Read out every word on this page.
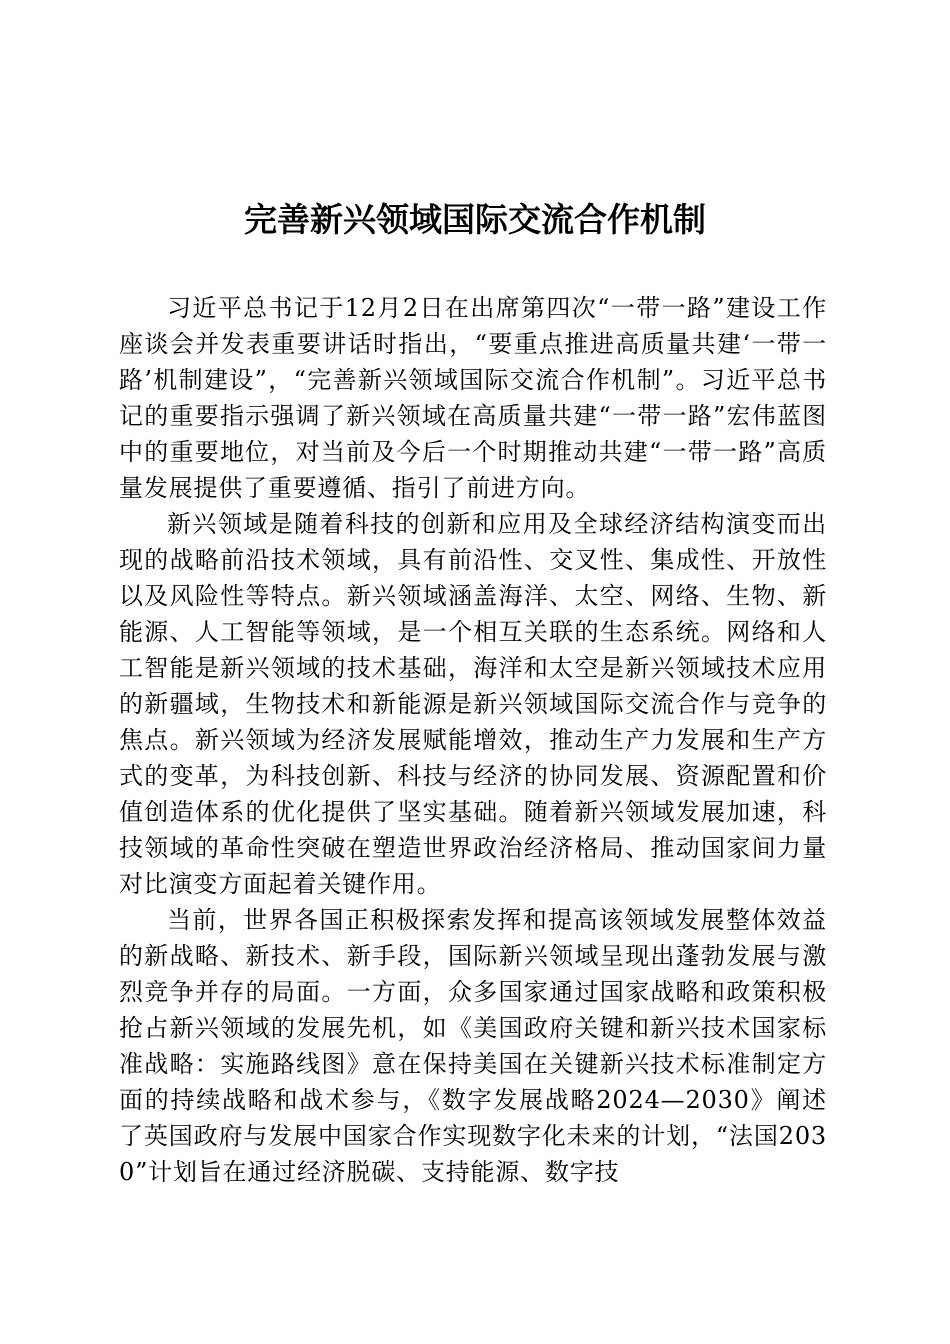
完善新兴领域国际交流合作机制

习近平总书记于12月2日在出席第四次“一带一路”建设工作座谈会并发表重要讲话时指出，“要重点推进高质量共建‘一带一路’机制建设”，“完善新兴领域国际交流合作机制”。习近平总书记的重要指示强调了新兴领域在高质量共建“一带一路”宏伟蓝图中的重要地位，对当前及今后一个时期推动共建“一带一路”高质量发展提供了重要遵循、指引了前进方向。

新兴领域是随着科技的创新和应用及全球经济结构演变而出现的战略前沿技术领域，具有前沿性、交叉性、集成性、开放性以及风险性等特点。新兴领域涵盖海洋、太空、网络、生物、新能源、人工智能等领域，是一个相互关联的生态系统。网络和人工智能是新兴领域的技术基础，海洋和太空是新兴领域技术应用的新疆域，生物技术和新能源是新兴领域国际交流合作与竞争的焦点。新兴领域为经济发展赋能增效，推动生产力发展和生产方式的变革，为科技创新、科技与经济的协同发展、资源配置和价值创造体系的优化提供了坚实基础。随着新兴领域发展加速，科技领域的革命性突破在塑造世界政治经济格局、推动国家间力量对比演变方面起着关键作用。

当前，世界各国正积极探索发挥和提高该领域发展整体效益的新战略、新技术、新手段，国际新兴领域呈现出蓬勃发展与激烈竞争并存的局面。一方面，众多国家通过国家战略和政策积极抢占新兴领域的发展先机，如《美国政府关键和新兴技术国家标准战略：实施路线图》意在保持美国在关键新兴技术标准制定方面的持续战略和战术参与，《数字发展战略2024—2030》阐述了英国政府与发展中国家合作实现数字化未来的计划，“法国2030”计划旨在通过经济脱碳、支持能源、数字技
